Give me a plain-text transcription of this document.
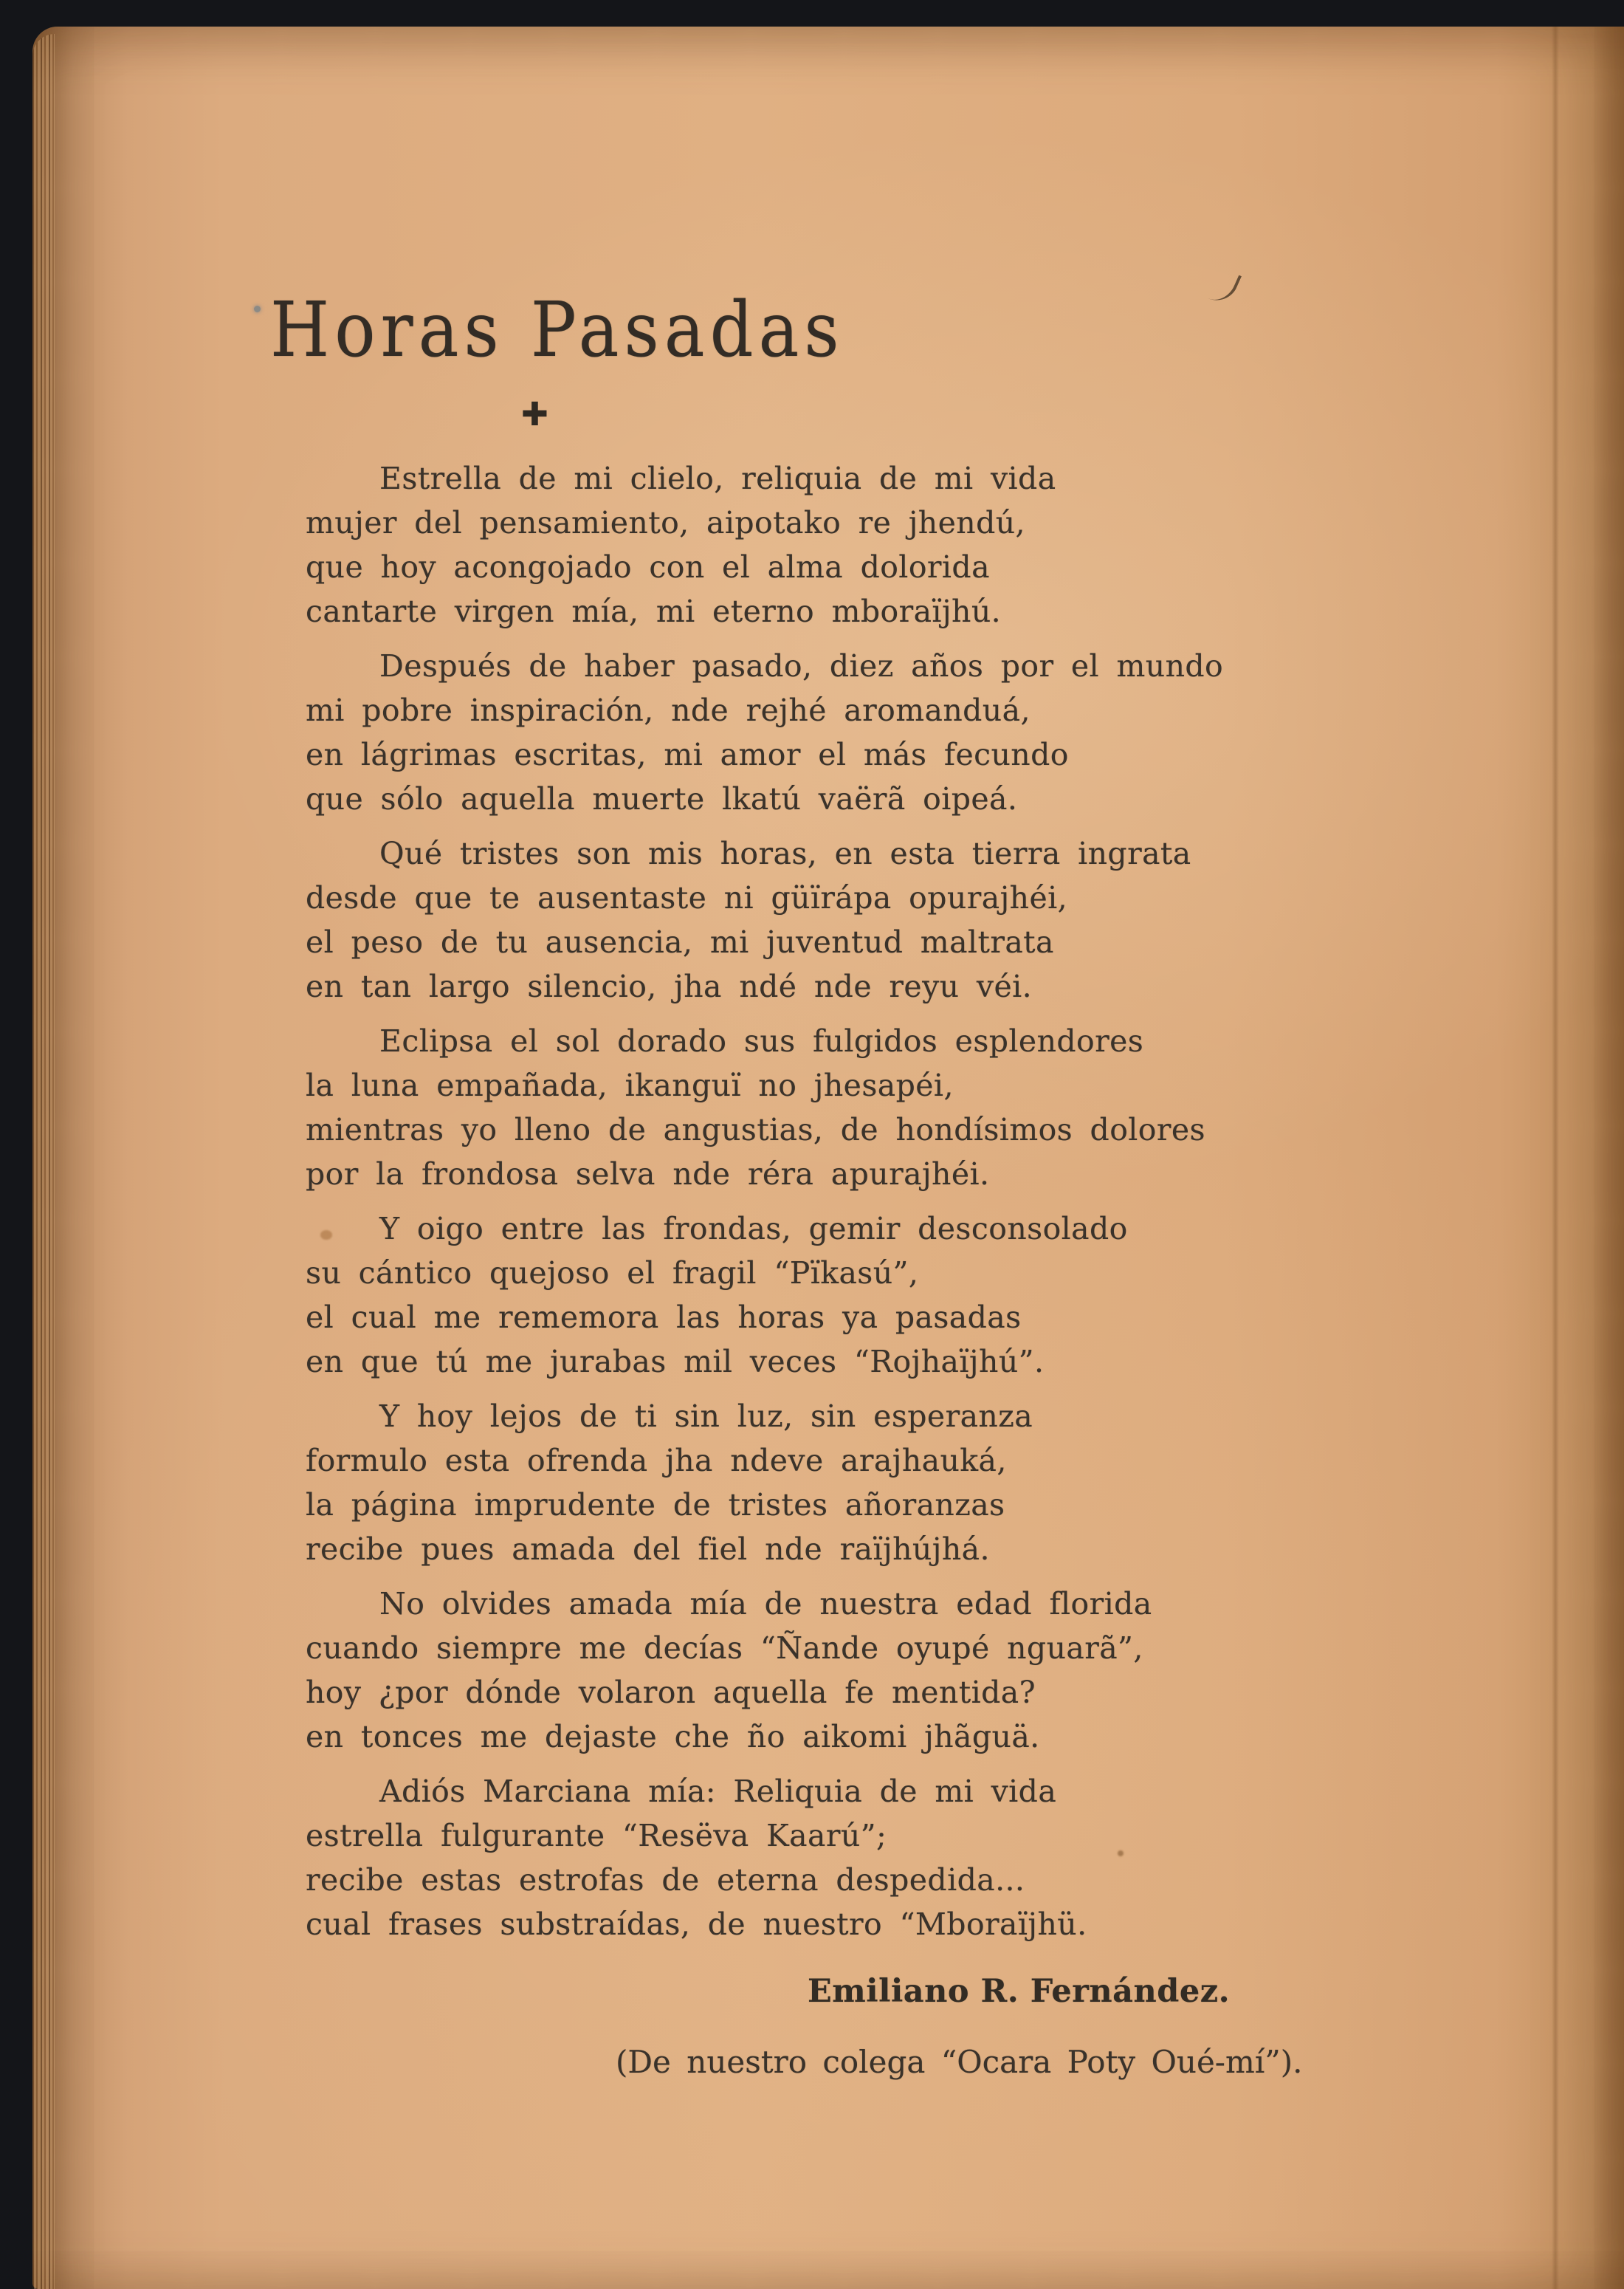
Horas Pasadas
✚
Estrella de mi clielo, reliquia de mi vida
mujer del pensamiento, aipotako re jhendú,
que hoy acongojado con el alma dolorida
cantarte virgen mía, mi eterno mboraïjhú.
Después de haber pasado, diez años por el mundo
mi pobre inspiración, nde rejhé aromanduá,
en lágrimas escritas, mi amor el más fecundo
que sólo aquella muerte lkatú vaërã oipeá.
Qué tristes son mis horas, en esta tierra ingrata
desde que te ausentaste ni güïrápa opurajhéi,
el peso de tu ausencia, mi juventud maltrata
en tan largo silencio, jha ndé nde reyu véi.
Eclipsa el sol dorado sus fulgidos esplendores
la luna empañada, ikanguï no jhesapéi,
mientras yo lleno de angustias, de hondísimos dolores
por la frondosa selva nde réra apurajhéi.
Y oigo entre las frondas, gemir desconsolado
su cántico quejoso el fragil “Pïkasú”,
el cual me rememora las horas ya pasadas
en que tú me jurabas mil veces “Rojhaïjhú”.
Y hoy lejos de ti sin luz, sin esperanza
formulo esta ofrenda jha ndeve arajhauká,
la página imprudente de tristes añoranzas
recibe pues amada del fiel nde raïjhújhá.
No olvides amada mía de nuestra edad florida
cuando siempre me decías “Ñande oyupé nguarã”,
hoy ¿por dónde volaron aquella fe mentida?
en tonces me dejaste che ño aikomi jhãguä.
Adiós Marciana mía: Reliquia de mi vida
estrella fulgurante “Resëva Kaarú”;
recibe estas estrofas de eterna despedida...
cual frases substraídas, de nuestro “Mboraïjhü.
Emiliano R. Fernández.
(De nuestro colega “Ocara Poty Oué-mí”).
